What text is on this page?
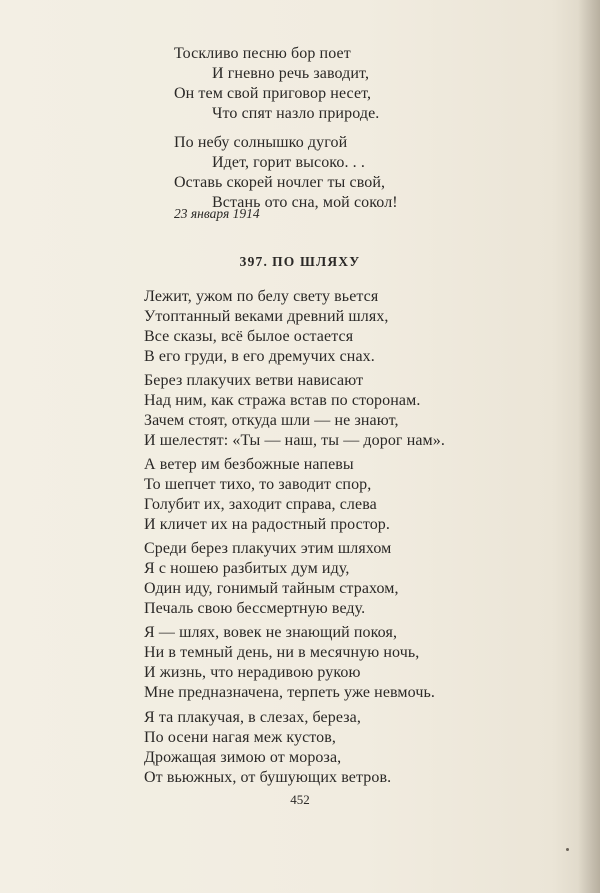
Тоскливо песню бор поет
И гневно речь заводит,
Он тем свой приговор несет,
Что спят назло природе.
По небу солнышко дугой
Идет, горит высоко. . .
Оставь скорей ночлег ты свой,
Встань ото сна, мой сокол!
23 января 1914
397. ПО ШЛЯХУ
Лежит, ужом по белу свету вьется
Утоптанный веками древний шлях,
Все сказы, всё былое остается
В его груди, в его дремучих снах.
Берез плакучих ветви нависают
Над ним, как стража встав по сторонам.
Зачем стоят, откуда шли — не знают,
И шелестят: «Ты — наш, ты — дорог нам».
А ветер им безбожные напевы
То шепчет тихо, то заводит спор,
Голубит их, заходит справа, слева
И кличет их на радостный простор.
Среди берез плакучих этим шляхом
Я с ношею разбитых дум иду,
Один иду, гонимый тайным страхом,
Печаль свою бессмертную веду.
Я — шлях, вовек не знающий покоя,
Ни в темный день, ни в месячную ночь,
И жизнь, что нерадивою рукою
Мне предназначена, терпеть уже невмочь.
Я та плакучая, в слезах, береза,
По осени нагая меж кустов,
Дрожащая зимою от мороза,
От вьюжных, от бушующих ветров.
452
